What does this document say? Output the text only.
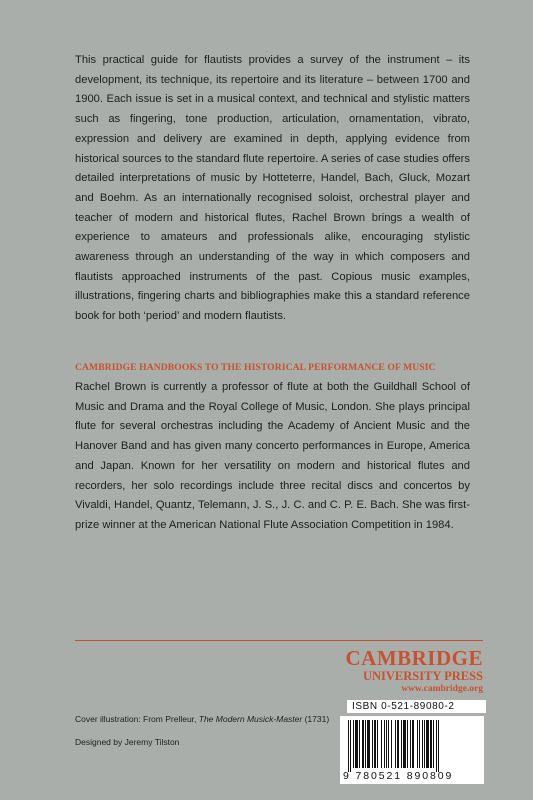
This practical guide for flautists provides a survey of the instrument – its development, its technique, its repertoire and its literature – between 1700 and 1900. Each issue is set in a musical context, and technical and stylistic matters such as fingering, tone production, articulation, ornamentation, vibrato, expression and delivery are examined in depth, applying evidence from historical sources to the standard flute repertoire. A series of case studies offers detailed interpretations of music by Hotteterre, Handel, Bach, Gluck, Mozart and Boehm. As an internationally recognised soloist, orchestral player and teacher of modern and historical flutes, Rachel Brown brings a wealth of experience to amateurs and professionals alike, encouraging stylistic awareness through an understanding of the way in which composers and flautists approached instruments of the past. Copious music examples, illustrations, fingering charts and bibliographies make this a standard reference book for both ‘period’ and modern flautists.

CAMBRIDGE HANDBOOKS TO THE HISTORICAL PERFORMANCE OF MUSIC

Rachel Brown is currently a professor of flute at both the Guildhall School of Music and Drama and the Royal College of Music, London. She plays principal flute for several orchestras including the Academy of Ancient Music and the Hanover Band and has given many concerto performances in Europe, America and Japan. Known for her versatility on modern and historical flutes and recorders, her solo recordings include three recital discs and concertos by Vivaldi, Handel, Quantz, Telemann, J. S., J. C. and C. P. E. Bach. She was first-prize winner at the American National Flute Association Competition in 1984.

CAMBRIDGE
UNIVERSITY PRESS
www.cambridge.org
Cover illustration: From Prelleur, The Modern Musick-Master (1731)
Designed by Jeremy Tilston
ISBN 0-521-89080-2
9 780521 890809
